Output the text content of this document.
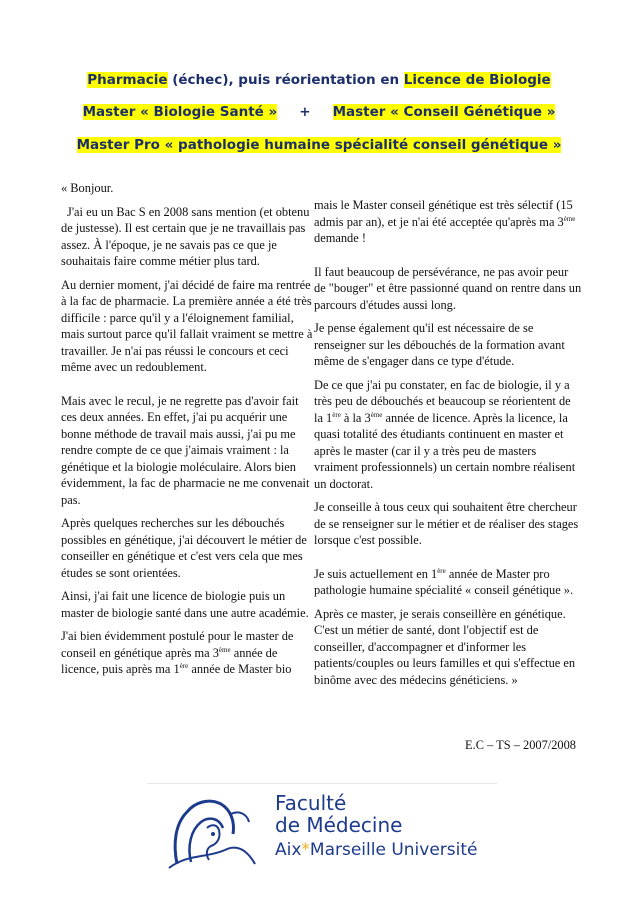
Pharmacie (échec), puis réorientation en Licence de Biologie
Master « Biologie Santé » + Master « Conseil Génétique »
Master Pro « pathologie humaine spécialité conseil génétique »

« Bonjour.

J'ai eu un Bac S en 2008 sans mention (et obtenu de justesse). Il est certain que je ne travaillais pas assez. À l'époque, je ne savais pas ce que je souhaitais faire comme métier plus tard.

Au dernier moment, j'ai décidé de faire ma rentrée à la fac de pharmacie. La première année a été très difficile : parce qu'il y a l'éloignement familial, mais surtout parce qu'il fallait vraiment se mettre à travailler. Je n'ai pas réussi le concours et ceci même avec un redoublement.

Mais avec le recul, je ne regrette pas d'avoir fait ces deux années. En effet, j'ai pu acquérir une bonne méthode de travail mais aussi, j'ai pu me rendre compte de ce que j'aimais vraiment : la génétique et la biologie moléculaire. Alors bien évidemment, la fac de pharmacie ne me convenait pas.

Après quelques recherches sur les débouchés possibles en génétique, j'ai découvert le métier de conseiller en génétique et c'est vers cela que mes études se sont orientées.

Ainsi, j'ai fait une licence de biologie puis un master de biologie santé dans une autre académie.

J'ai bien évidemment postulé pour le master de conseil en génétique après ma 3ème année de licence, puis après ma 1ère année de Master bio

mais le Master conseil génétique est très sélectif (15 admis par an), et je n'ai été acceptée qu'après ma 3ème demande !

Il faut beaucoup de persévérance, ne pas avoir peur de "bouger" et être passionné quand on rentre dans un parcours d'études aussi long.

Je pense également qu'il est nécessaire de se renseigner sur les débouchés de la formation avant même de s'engager dans ce type d'étude.

De ce que j'ai pu constater, en fac de biologie, il y a très peu de débouchés et beaucoup se réorientent de la 1ère à la 3ème année de licence. Après la licence, la quasi totalité des étudiants continuent en master et après le master (car il y a très peu de masters vraiment professionnels) un certain nombre réalisent un doctorat.

Je conseille à tous ceux qui souhaitent être chercheur de se renseigner sur le métier et de réaliser des stages lorsque c'est possible.

Je suis actuellement en 1ère année de Master pro pathologie humaine spécialité « conseil génétique ».

Après ce master, je serais conseillère en génétique. C'est un métier de santé, dont l'objectif est de conseiller, d'accompagner et d'informer les patients/couples ou leurs familles et qui s'effectue en binôme avec des médecins généticiens. »

E.C – TS – 2007/2008
Faculté
de Médecine
Aix*Marseille Université
